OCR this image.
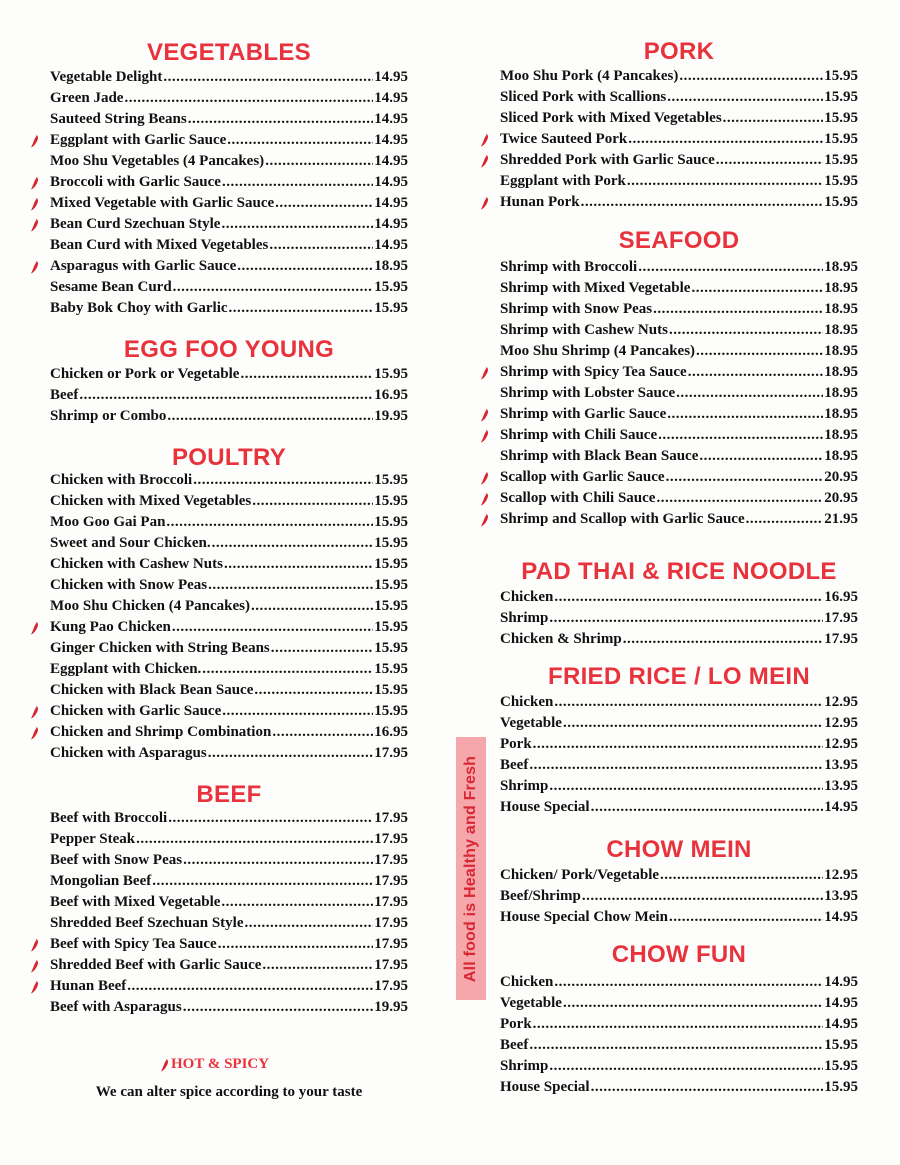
VEGETABLES
Vegetable Delight .....	14.95
Green Jade .....	14.95
Sauteed String Beans .....	14.95
Eggplant with Garlic Sauce .....	14.95
Moo Shu Vegetables (4 Pancakes) .....	14.95
Broccoli with Garlic Sauce .....	14.95
Mixed Vegetable with Garlic Sauce .....	14.95
Bean Curd Szechuan Style .....	14.95
Bean Curd with Mixed Vegetables .....	14.95
Asparagus with Garlic Sauce .....	18.95
Sesame Bean Curd .....	15.95
Baby Bok Choy with Garlic .....	15.95
EGG FOO YOUNG
Chicken or Pork or Vegetable .....	15.95
Beef .....	16.95
Shrimp or Combo .....	19.95
POULTRY
Chicken with Broccoli .....	15.95
Chicken with Mixed Vegetables .....	15.95
Moo Goo Gai Pan .....	15.95
Sweet and Sour Chicken. .....	15.95
Chicken with Cashew Nuts .....	15.95
Chicken with Snow Peas .....	15.95
Moo Shu Chicken (4 Pancakes) .....	15.95
Kung Pao Chicken .....	15.95
Ginger Chicken with String Beans .....	15.95
Eggplant with Chicken. .....	15.95
Chicken with Black Bean Sauce .....	15.95
Chicken with Garlic Sauce .....	15.95
Chicken and Shrimp Combination .....	16.95
Chicken with Asparagus .....	17.95
BEEF
Beef with Broccoli .....	17.95
Pepper Steak .....	17.95
Beef with Snow Peas .....	17.95
Mongolian Beef .....	17.95
Beef with Mixed Vegetable .....	17.95
Shredded Beef Szechuan Style .....	17.95
Beef with Spicy Tea Sauce .....	17.95
Shredded Beef with Garlic Sauce .....	17.95
Hunan Beef .....	17.95
Beef with Asparagus .....	19.95
HOT & SPICY
We can alter spice according to your taste
All food is Healthy and Fresh
PORK
Moo Shu Pork (4 Pancakes) .....	15.95
Sliced Pork with Scallions .....	15.95
Sliced Pork with Mixed Vegetables .....	15.95
Twice Sauteed Pork .....	15.95
Shredded Pork with Garlic Sauce .....	15.95
Eggplant with Pork .....	15.95
Hunan Pork .....	15.95
SEAFOOD
Shrimp with Broccoli .....	18.95
Shrimp with Mixed Vegetable .....	18.95
Shrimp with Snow Peas .....	18.95
Shrimp with Cashew Nuts .....	18.95
Moo Shu Shrimp (4 Pancakes) .....	18.95
Shrimp with Spicy Tea Sauce .....	18.95
Shrimp with Lobster Sauce .....	18.95
Shrimp with Garlic Sauce .....	18.95
Shrimp with Chili Sauce .....	18.95
Shrimp with Black Bean Sauce .....	18.95
Scallop with Garlic Sauce .....	20.95
Scallop with Chili Sauce .....	20.95
Shrimp and Scallop with Garlic Sauce .....	21.95
PAD THAI & RICE NOODLE
Chicken .....	16.95
Shrimp .....	17.95
Chicken & Shrimp .....	17.95
FRIED RICE / LO MEIN
Chicken .....	12.95
Vegetable .....	12.95
Pork .....	12.95
Beef .....	13.95
Shrimp .....	13.95
House Special .....	14.95
CHOW MEIN
Chicken/ Pork/Vegetable .....	12.95
Beef/Shrimp .....	13.95
House Special Chow Mein .....	14.95
CHOW FUN
Chicken .....	14.95
Vegetable .....	14.95
Pork .....	14.95
Beef .....	15.95
Shrimp .....	15.95
House Special .....	15.95
